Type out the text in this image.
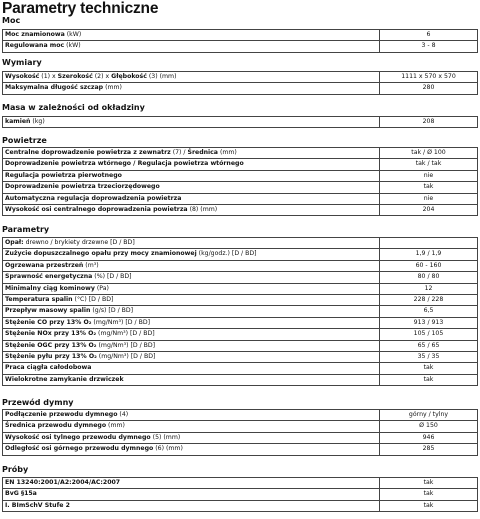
Parametry techniczne
Moc
Moc znamionowa (kW)	6
Regulowana moc (kW)	3 - 8
Wymiary
Wysokość (1) x Szerokość (2) x Głębokość (3) (mm)	1111 x 570 x 570
Maksymalna długość szczap (mm)	280
Masa w zależności od okładziny
kamień (kg)	208
Powietrze
Centralne doprowadzenie powietrza z zewnatrz (7) / Średnica (mm)	tak / Ø 100
Doprowadzenie powietrza wtórnego / Regulacja powietrza wtórnego	tak / tak
Regulacja powietrza pierwotnego	nie
Doprowadzenie powietrza trzeciorzędowego	tak
Automatyczna regulacja doprowadzenia powietrza	nie
Wysokość osi centralnego doprowadzenia powietrza (8) (mm)	204
Parametry
Opał: drewno / brykiety drzewne [D / BD]
Zużycie dopuszczalnego opału przy mocy znamionowej (kg/godz.) [D / BD]	1,9 / 1,9
Ogrzewana przestrzeń (m³)	60 - 160
Sprawność energetyczna (%) [D / BD]	80 / 80
Minimalny ciąg kominowy (Pa)	12
Temperatura spalin (°C) [D / BD]	228 / 228
Przepływ masowy spalin (g/s) [D / BD]	6,5
Stężenie CO przy 13% O₂ (mg/Nm³) [D / BD]	913 / 913
Stężenie NOx przy 13% O₂ (mg/Nm³) [D / BD]	105 / 105
Stężenie OGC przy 13% O₂ (mg/Nm³) [D / BD]	65 / 65
Stężenie pyłu przy 13% O₂ (mg/Nm³) [D / BD]	35 / 35
Praca ciągła całodobowa	tak
Wielokrotne zamykanie drzwiczek	tak
Przewód dymny
Podłączenie przewodu dymnego (4)	górny / tylny
Średnica przewodu dymnego (mm)	Ø 150
Wysokość osi tylnego przewodu dymnego (5) (mm)	946
Odległość osi górnego przewodu dymnego (6) (mm)	285
Próby
EN 13240:2001/A2:2004/AC:2007	tak
BvG §15a	tak
I. BImSchV Stufe 2	tak
